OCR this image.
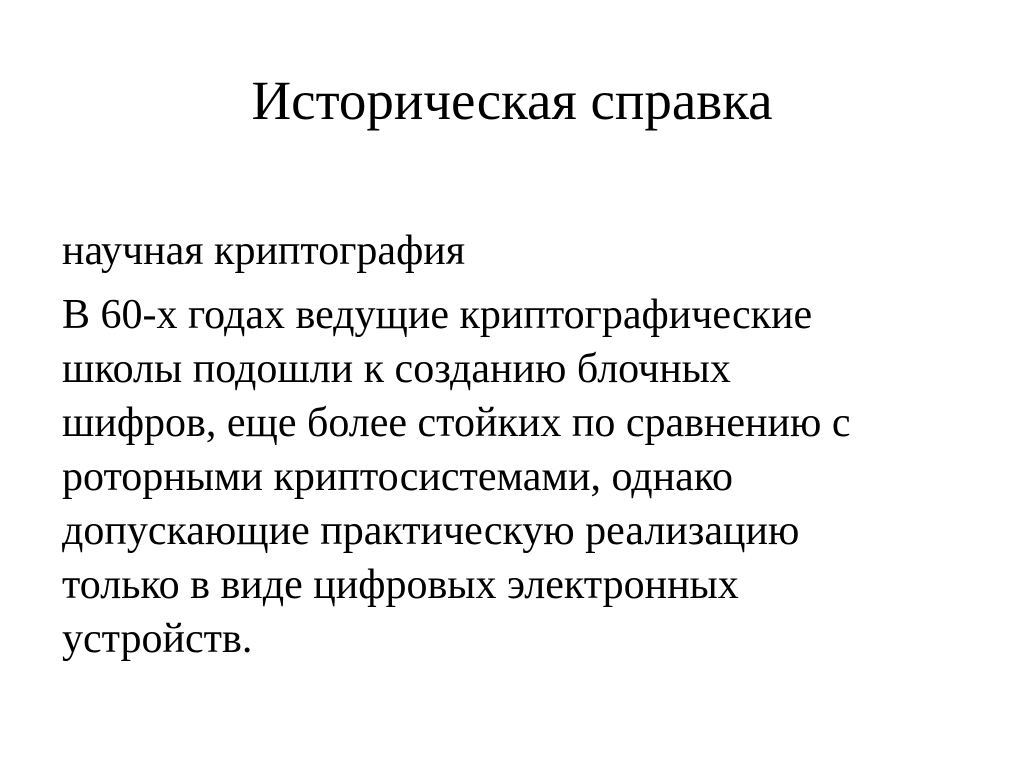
Историческая справка
научная криптография
В 60-х годах ведущие криптографические
школы подошли к созданию блочных
шифров, еще более стойких по сравнению с
роторными криптосистемами, однако
допускающие практическую реализацию
только в виде цифровых электронных
устройств.
